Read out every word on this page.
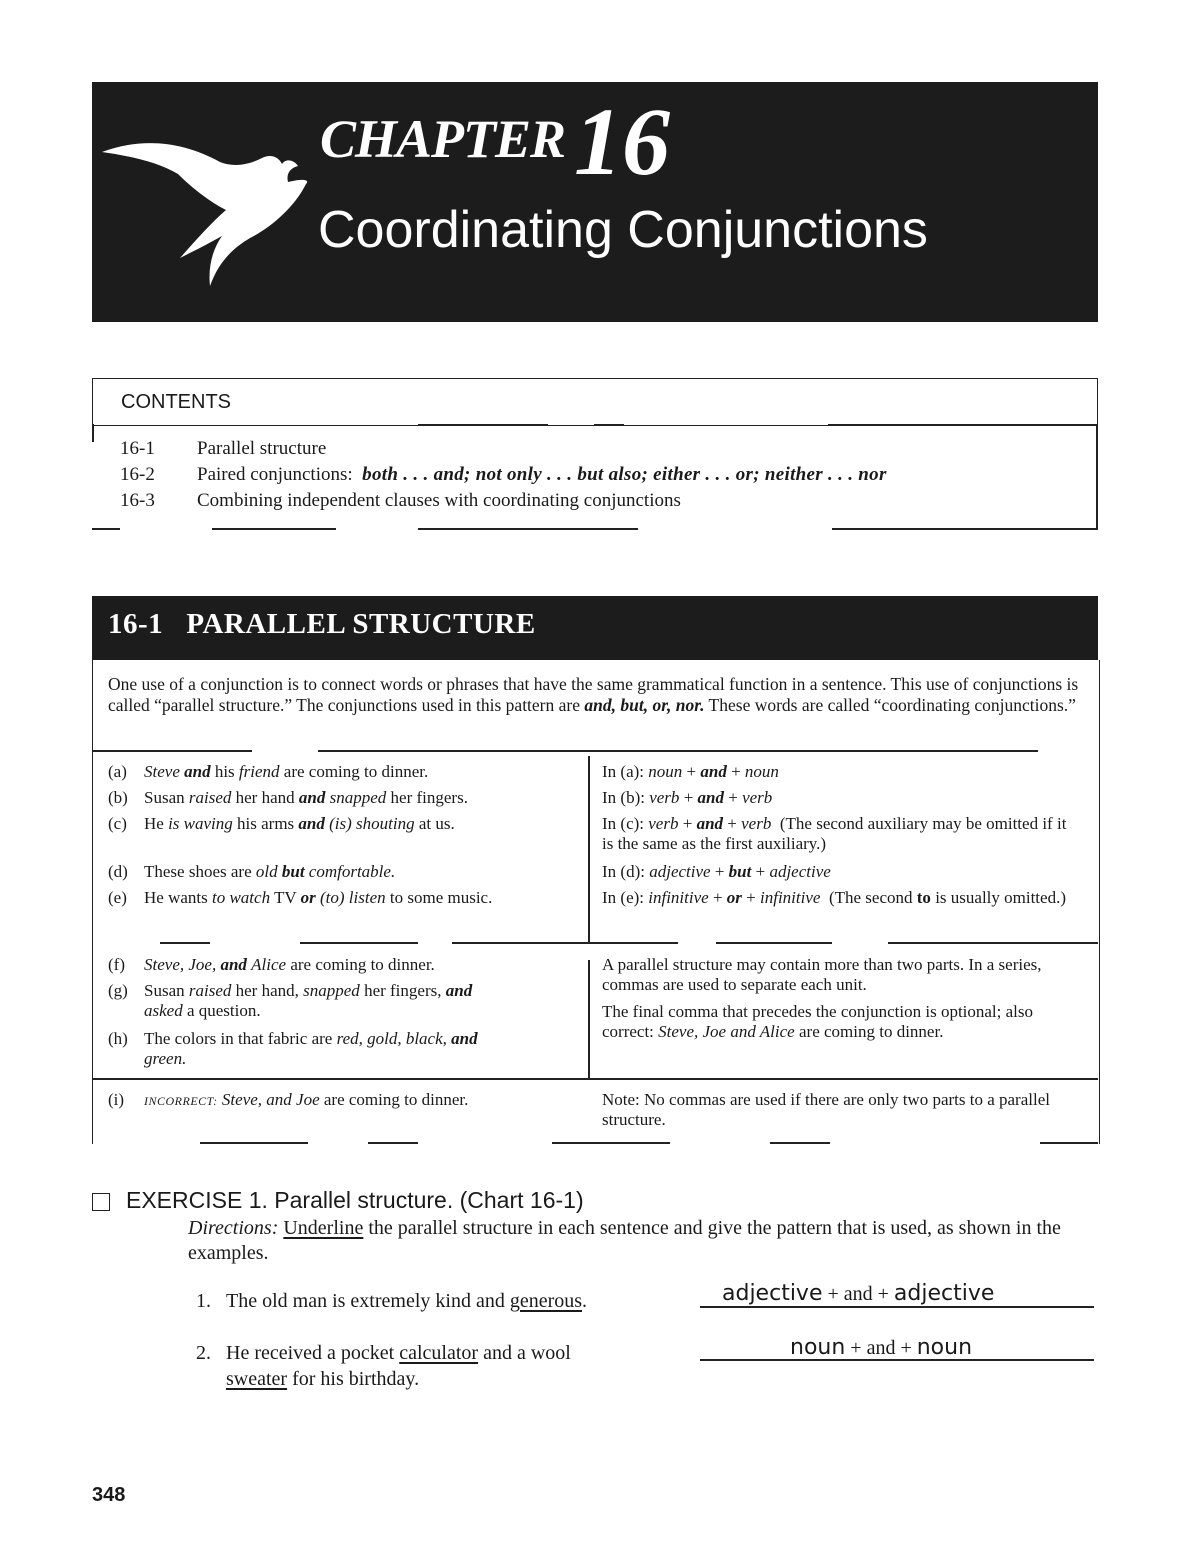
CHAPTER 16
Coordinating Conjunctions
CONTENTS
16-1 Parallel structure
16-2 Paired conjunctions: both . . . and; not only . . . but also; either . . . or; neither . . . nor
16-3 Combining independent clauses with coordinating conjunctions
16-1   PARALLEL STRUCTURE
One use of a conjunction is to connect words or phrases that have the same grammatical function in a sentence. This use of conjunctions is called “parallel structure.” The conjunctions used in this pattern are and, but, or, nor. These words are called “coordinating conjunctions.”
(a) Steve and his friend are coming to dinner.
(b) Susan raised her hand and snapped her fingers.
(c) He is waving his arms and (is) shouting at us.
(d) These shoes are old but comfortable.
(e) He wants to watch TV or (to) listen to some music.
(f) Steve, Joe, and Alice are coming to dinner.
(g) Susan raised her hand, snapped her fingers, and
asked a question.
(h) The colors in that fabric are red, gold, black, and
green.
(i) INCORRECT: Steve, and Joe are coming to dinner.
In (a): noun + and + noun
In (b): verb + and + verb
In (c): verb + and + verb  (The second auxiliary may be omitted if it is the same as the first auxiliary.)
In (d): adjective + but + adjective
In (e): infinitive + or + infinitive  (The second to is usually omitted.)
A parallel structure may contain more than two parts. In a series, commas are used to separate each unit.
The final comma that precedes the conjunction is optional; also correct: Steve, Joe and Alice are coming to dinner.
Note: No commas are used if there are only two parts to a parallel structure.
EXERCISE 1. Parallel structure. (Chart 16-1)
Directions: Underline the parallel structure in each sentence and give the pattern that is used, as shown in the examples.
1. The old man is extremely kind and generous.	adjective + and + adjective
2. He received a pocket calculator and a wool
sweater for his birthday.
noun + and + noun
348
